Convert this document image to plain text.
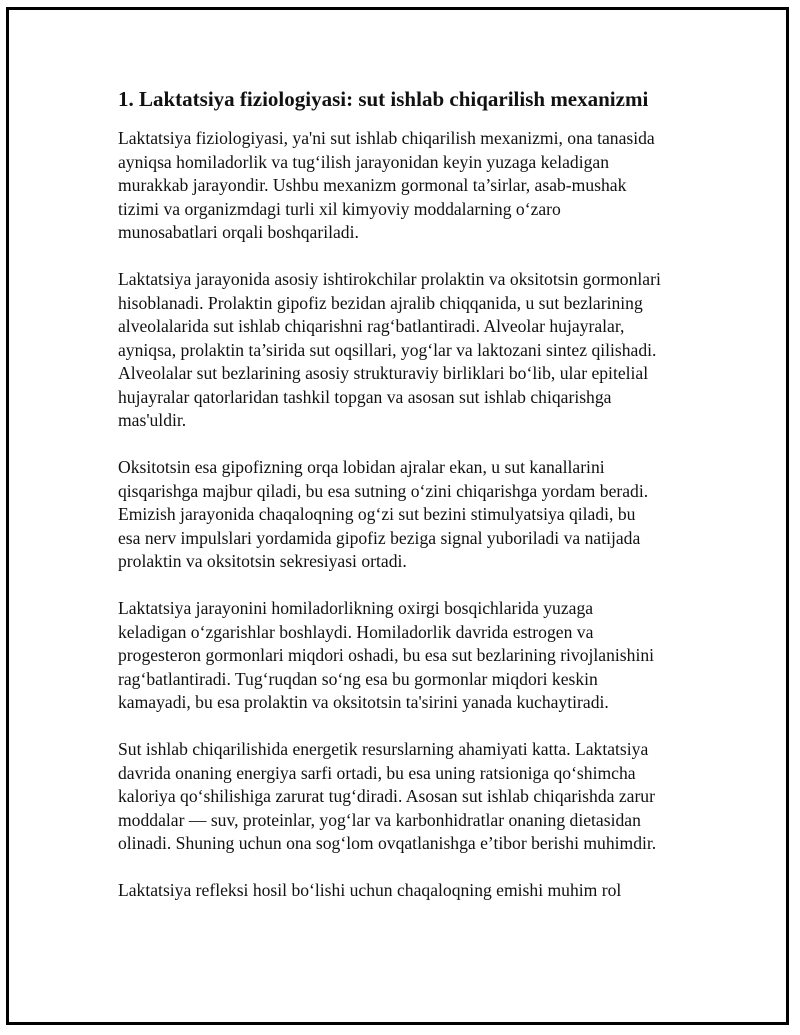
1. Laktatsiya fiziologiyasi: sut ishlab chiqarilish mexanizmi

Laktatsiya fiziologiyasi, ya'ni sut ishlab chiqarilish mexanizmi, ona tanasida
ayniqsa homiladorlik va tug‘ilish jarayonidan keyin yuzaga keladigan
murakkab jarayondir. Ushbu mexanizm gormonal ta’sirlar, asab-mushak
tizimi va organizmdagi turli xil kimyoviy moddalarning o‘zaro
munosabatlari orqali boshqariladi.

Laktatsiya jarayonida asosiy ishtirokchilar prolaktin va oksitotsin gormonlari
hisoblanadi. Prolaktin gipofiz bezidan ajralib chiqqanida, u sut bezlarining
alveolalarida sut ishlab chiqarishni rag‘batlantiradi. Alveolar hujayralar,
ayniqsa, prolaktin ta’sirida sut oqsillari, yog‘lar va laktozani sintez qilishadi.
Alveolalar sut bezlarining asosiy strukturaviy birliklari bo‘lib, ular epitelial
hujayralar qatorlaridan tashkil topgan va asosan sut ishlab chiqarishga
mas'uldir.

Oksitotsin esa gipofizning orqa lobidan ajralar ekan, u sut kanallarini
qisqarishga majbur qiladi, bu esa sutning o‘zini chiqarishga yordam beradi.
Emizish jarayonida chaqaloqning og‘zi sut bezini stimulyatsiya qiladi, bu
esa nerv impulslari yordamida gipofiz beziga signal yuboriladi va natijada
prolaktin va oksitotsin sekresiyasi ortadi.

Laktatsiya jarayonini homiladorlikning oxirgi bosqichlarida yuzaga
keladigan o‘zgarishlar boshlaydi. Homiladorlik davrida estrogen va
progesteron gormonlari miqdori oshadi, bu esa sut bezlarining rivojlanishini
rag‘batlantiradi. Tug‘ruqdan so‘ng esa bu gormonlar miqdori keskin
kamayadi, bu esa prolaktin va oksitotsin ta'sirini yanada kuchaytiradi.

Sut ishlab chiqarilishida energetik resurslarning ahamiyati katta. Laktatsiya
davrida onaning energiya sarfi ortadi, bu esa uning ratsioniga qo‘shimcha
kaloriya qo‘shilishiga zarurat tug‘diradi. Asosan sut ishlab chiqarishda zarur
moddalar — suv, proteinlar, yog‘lar va karbonhidratlar onaning dietasidan
olinadi. Shuning uchun ona sog‘lom ovqatlanishga e’tibor berishi muhimdir.

Laktatsiya refleksi hosil bo‘lishi uchun chaqaloqning emishi muhim rol
